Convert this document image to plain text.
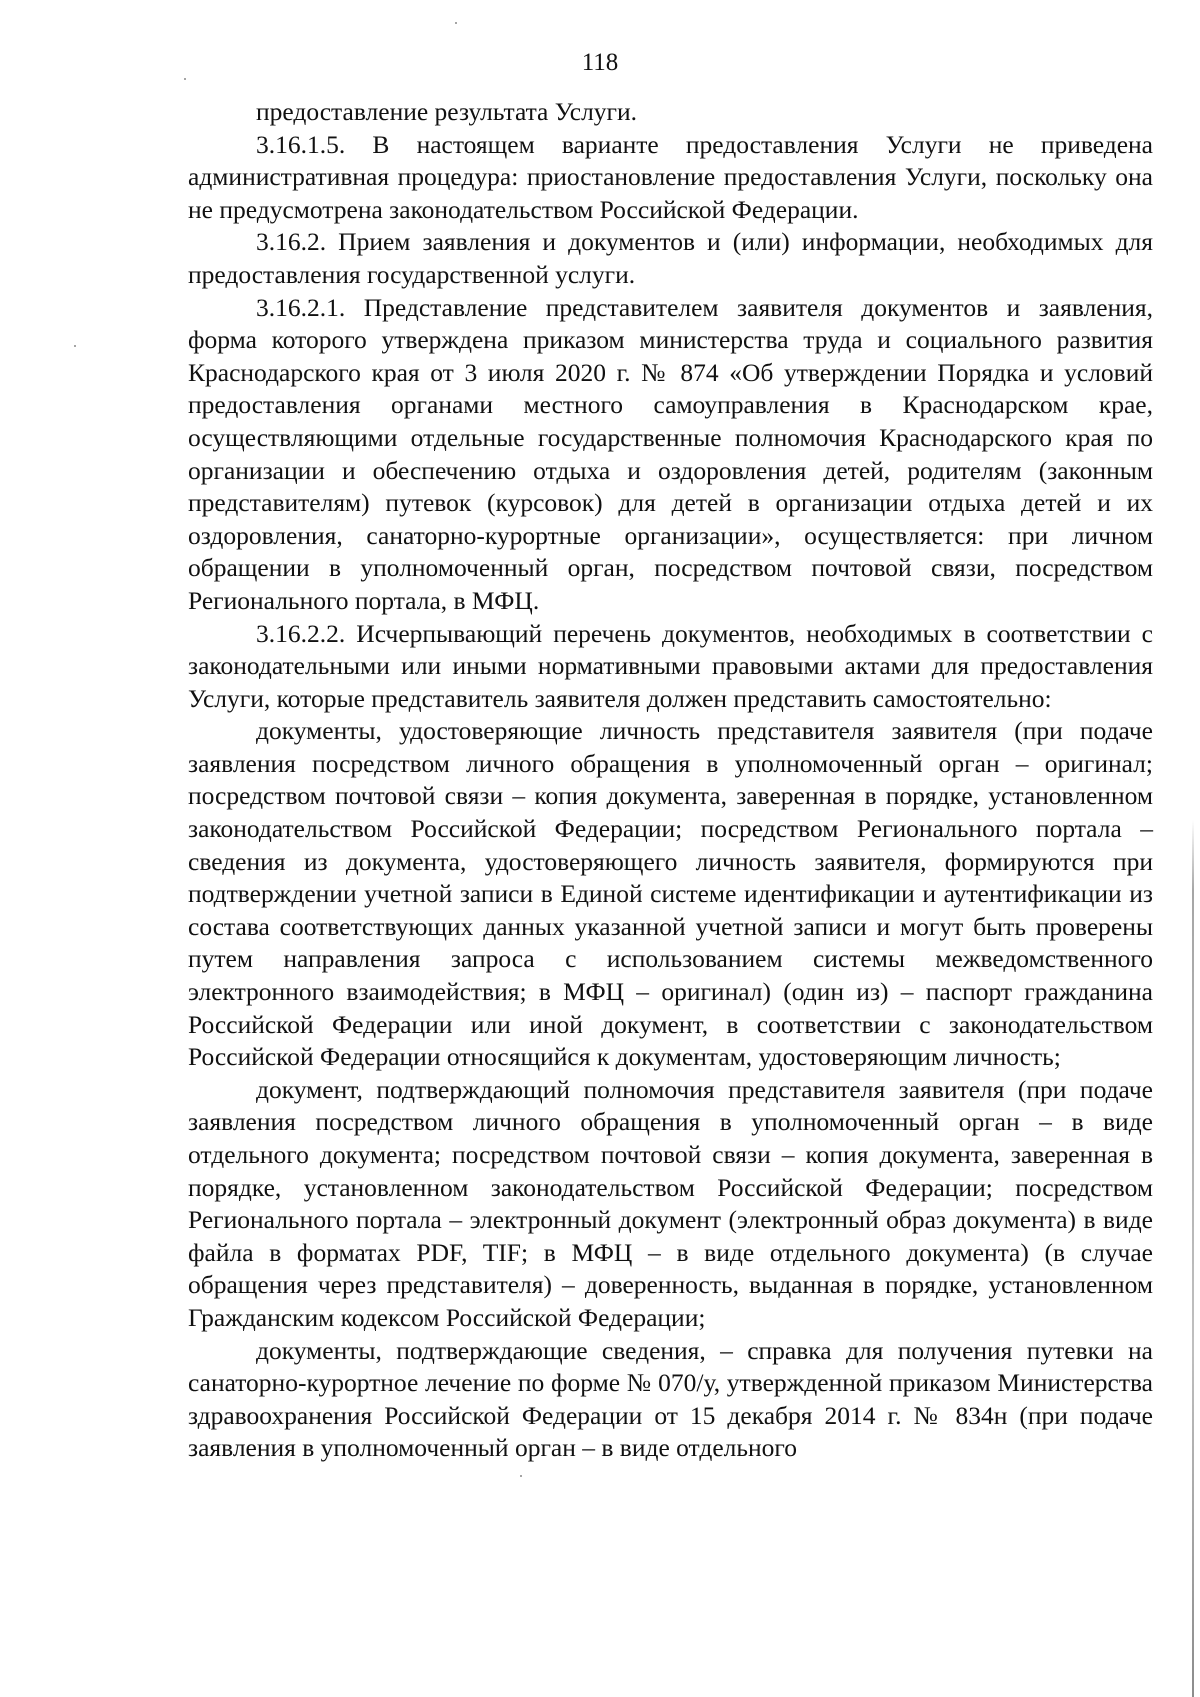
118

предоставление результата Услуги.

3.16.1.5. В настоящем варианте предоставления Услуги не приведена административная процедура: приостановление предоставления Услуги, поскольку она не предусмотрена законодательством Российской Федерации.

3.16.2. Прием заявления и документов и (или) информации, необходимых для предоставления государственной услуги.

3.16.2.1. Представление представителем заявителя документов и заявления, форма которого утверждена приказом министерства труда и социального развития Краснодарского края от 3 июля 2020 г. № 874 «Об утверждении Порядка и условий предоставления органами местного самоуправления в Краснодарском крае, осуществляющими отдельные государственные полномочия Краснодарского края по организации и обеспечению отдыха и оздоровления детей, родителям (законным представителям) путевок (курсовок) для детей в организации отдыха детей и их оздоровления, санаторно-курортные организации», осуществляется: при личном обращении в уполномоченный орган, посредством почтовой связи, посредством Регионального портала, в МФЦ.

3.16.2.2. Исчерпывающий перечень документов, необходимых в соответствии с законодательными или иными нормативными правовыми актами для предоставления Услуги, которые представитель заявителя должен представить самостоятельно:

документы, удостоверяющие личность представителя заявителя (при подаче заявления посредством личного обращения в уполномоченный орган – оригинал; посредством почтовой связи – копия документа, заверенная в порядке, установленном законодательством Российской Федерации; посредством Регионального портала – сведения из документа, удостоверяющего личность заявителя, формируются при подтверждении учетной записи в Единой системе идентификации и аутентификации из состава соответствующих данных указанной учетной записи и могут быть проверены путем направления запроса с использованием системы межведомственного электронного взаимодействия; в МФЦ – оригинал) (один из) – паспорт гражданина Российской Федерации или иной документ, в соответствии с законодательством Российской Федерации относящийся к документам, удостоверяющим личность;

документ, подтверждающий полномочия представителя заявителя (при подаче заявления посредством личного обращения в уполномоченный орган – в виде отдельного документа; посредством почтовой связи – копия документа, заверенная в порядке, установленном законодательством Российской Федерации; посредством Регионального портала – электронный документ (электронный образ документа) в виде файла в форматах PDF, TIF; в МФЦ – в виде отдельного документа) (в случае обращения через представителя) – доверенность, выданная в порядке, установленном Гражданским кодексом Российской Федерации;

документы, подтверждающие сведения, – справка для получения путевки на санаторно-курортное лечение по форме № 070/у, утвержденной приказом Министерства здравоохранения Российской Федерации от 15 декабря 2014 г. № 834н (при подаче заявления в уполномоченный орган – в виде отдельного
